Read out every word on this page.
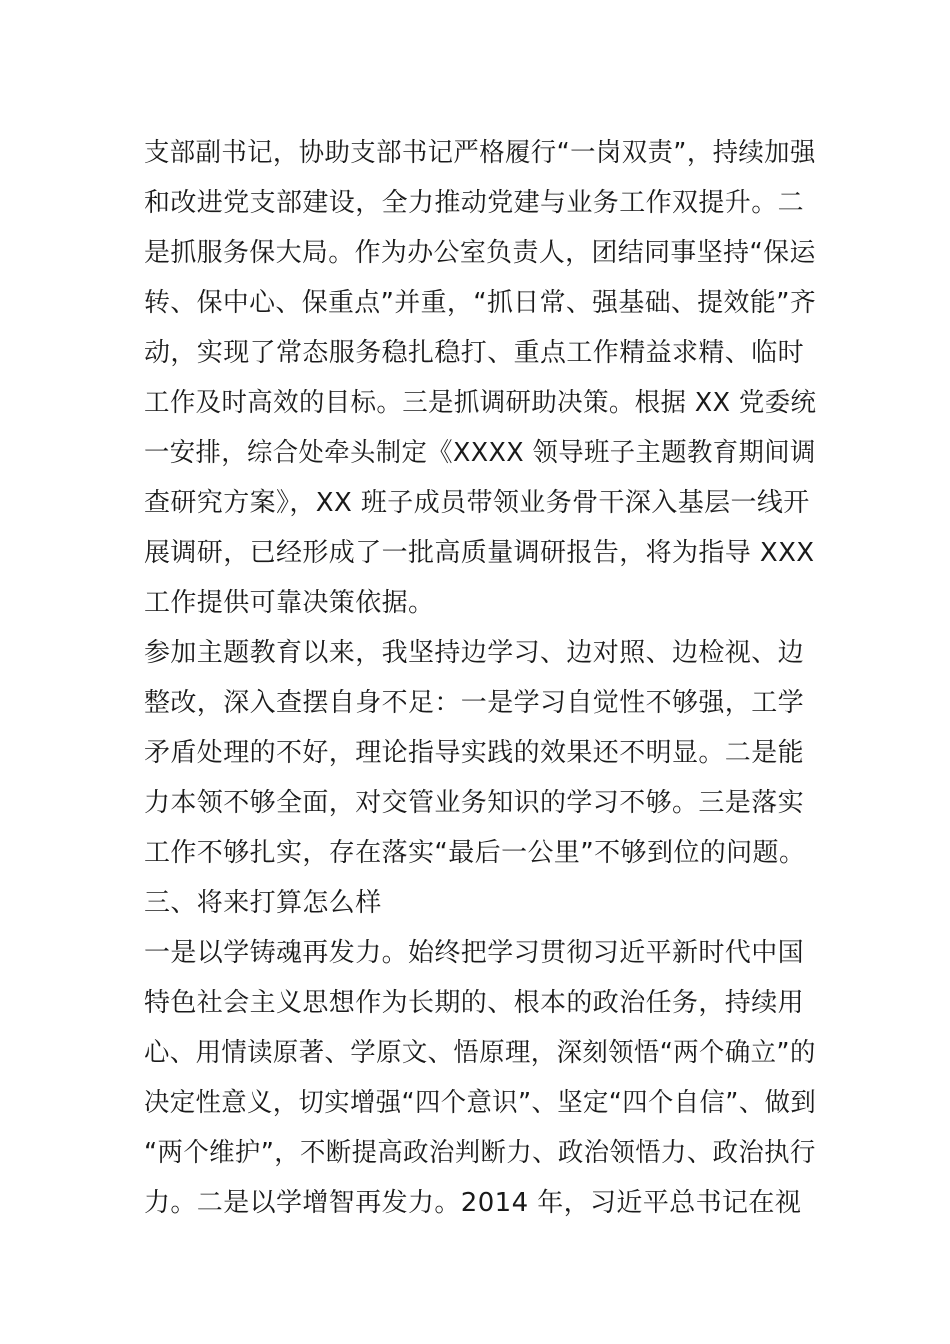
支部副书记，协助支部书记严格履行“一岗双责”，持续加强
和改进党支部建设，全力推动党建与业务工作双提升。二
是抓服务保大局。作为办公室负责人，团结同事坚持“保运
转、保中心、保重点”并重，“抓日常、强基础、提效能”齐
动，实现了常态服务稳扎稳打、重点工作精益求精、临时
工作及时高效的目标。三是抓调研助决策。根据 XX 党委统
一安排，综合处牵头制定《XXXX 领导班子主题教育期间调
查研究方案》，XX 班子成员带领业务骨干深入基层一线开
展调研，已经形成了一批高质量调研报告，将为指导 XXX
工作提供可靠决策依据。
参加主题教育以来，我坚持边学习、边对照、边检视、边
整改，深入查摆自身不足：一是学习自觉性不够强，工学
矛盾处理的不好，理论指导实践的效果还不明显。二是能
力本领不够全面，对交管业务知识的学习不够。三是落实
工作不够扎实，存在落实“最后一公里”不够到位的问题。
三、将来打算怎么样
一是以学铸魂再发力。始终把学习贯彻习近平新时代中国
特色社会主义思想作为长期的、根本的政治任务，持续用
心、用情读原著、学原文、悟原理，深刻领悟“两个确立”的
决定性意义，切实增强“四个意识”、坚定“四个自信”、做到
“两个维护”，不断提高政治判断力、政治领悟力、政治执行
力。二是以学增智再发力。2014 年，习近平总书记在视
